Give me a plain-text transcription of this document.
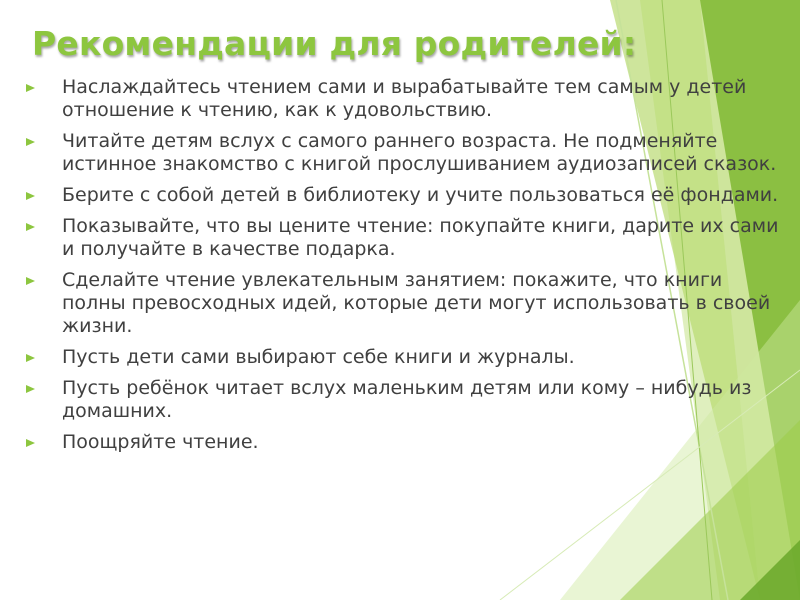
Рекомендации для родителей:
Наслаждайтесь чтением сами и вырабатывайте тем самым у детей отношение к чтению, как к удовольствию.
Читайте детям вслух с самого раннего возраста. Не подменяйте истинное знакомство с книгой прослушиванием аудиозаписей сказок.
Берите с собой детей в библиотеку и учите пользоваться её фондами.
Показывайте, что вы цените чтение: покупайте книги, дарите их сами и получайте в качестве подарка.
Сделайте чтение увлекательным занятием: покажите, что книги полны превосходных идей, которые дети могут использовать в своей жизни.
Пусть дети сами выбирают себе книги и журналы.
Пусть ребёнок читает вслух маленьким детям или кому – нибудь из домашних.
Поощряйте чтение.
